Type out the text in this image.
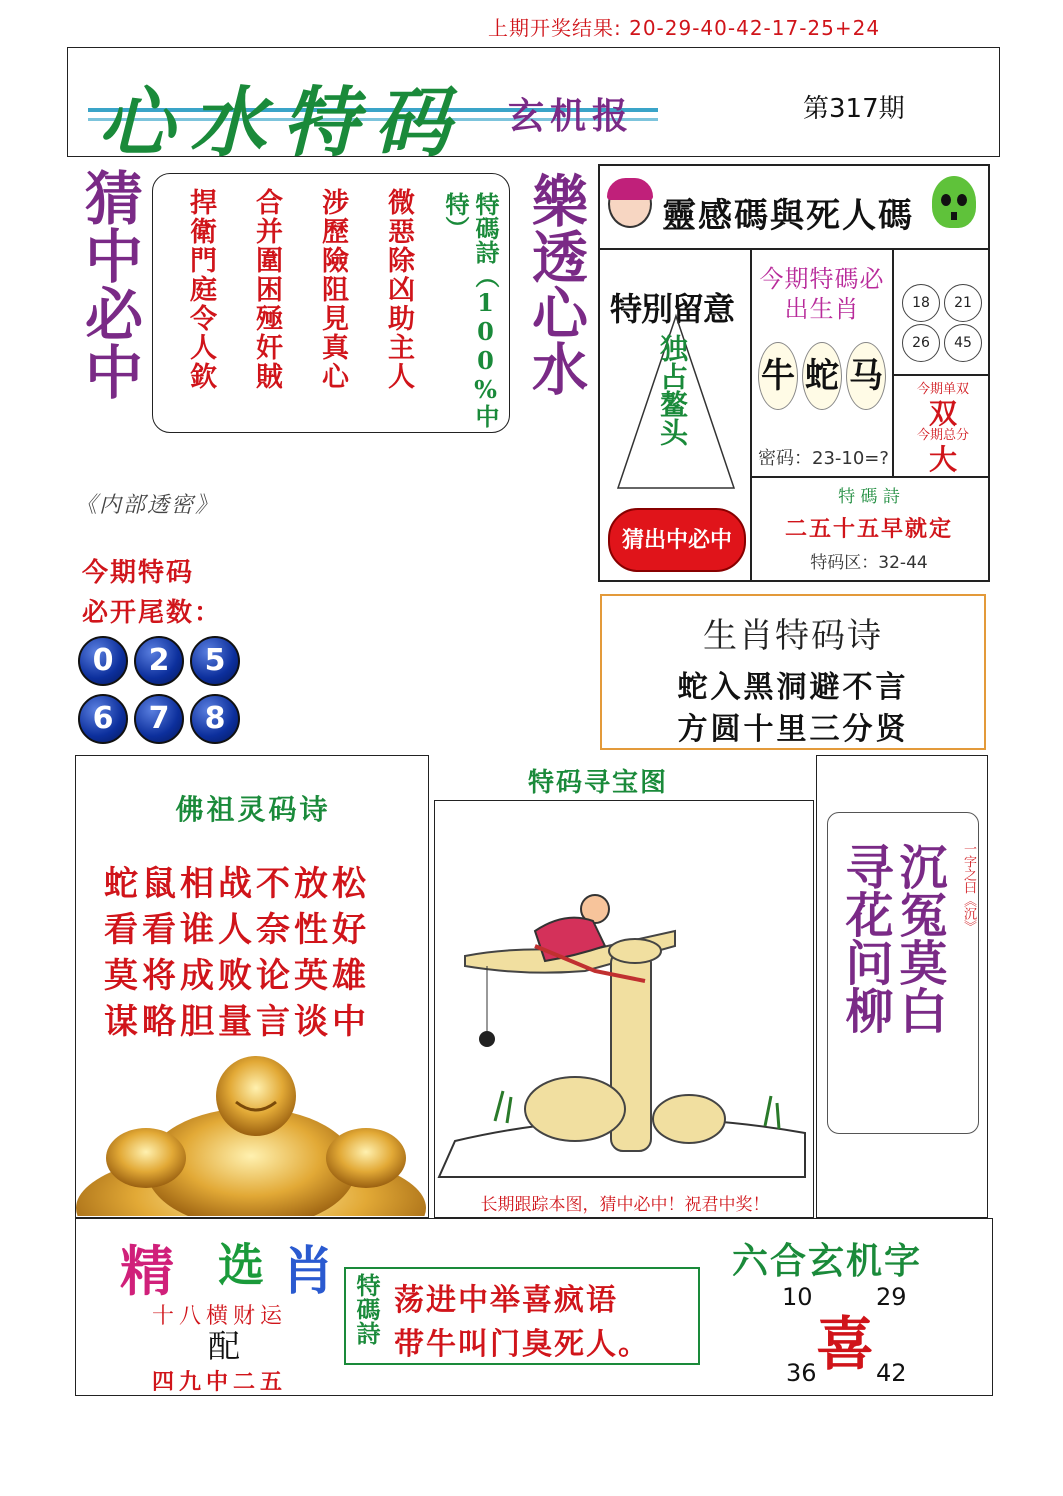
上期开奖结果: 20-29-40-42-17-25+24
心水特码 玄机报	第317期
猜中必中	微惡除凶助主人
涉歷險阻見真心
合并圍困殛奸賊
捍衛門庭令人欽	特碼詩（100%中特） 樂透心水 靈感碼與死人碼
特別留意
独占鳌头
猜出中必中
今期特碼必出生肖
牛 蛇 马
密码：23-10=?
18	21
26	45
今期单双
双
今期总分
大
特 碼 詩
二五十五早就定
特码区：32-44
《内部透密》
今期特码
必开尾数：
0 2 5
6 7 8
生肖特码诗
蛇入黑洞避不言
方圆十里三分贤
佛祖灵码诗
蛇鼠相战不放松
看看谁人奈性好
莫将成败论英雄
谋略胆量言谈中
特码寻宝图
长期跟踪本图，猜中必中！祝君中奖！
沉冤莫白
寻花问柳	一字之曰《沉》
精 选 肖
十八横财运
配
四九中二五
特碼詩 荡进中举喜疯语
带牛叫门臭死人。
六合玄机字
10	29
36 42
喜
